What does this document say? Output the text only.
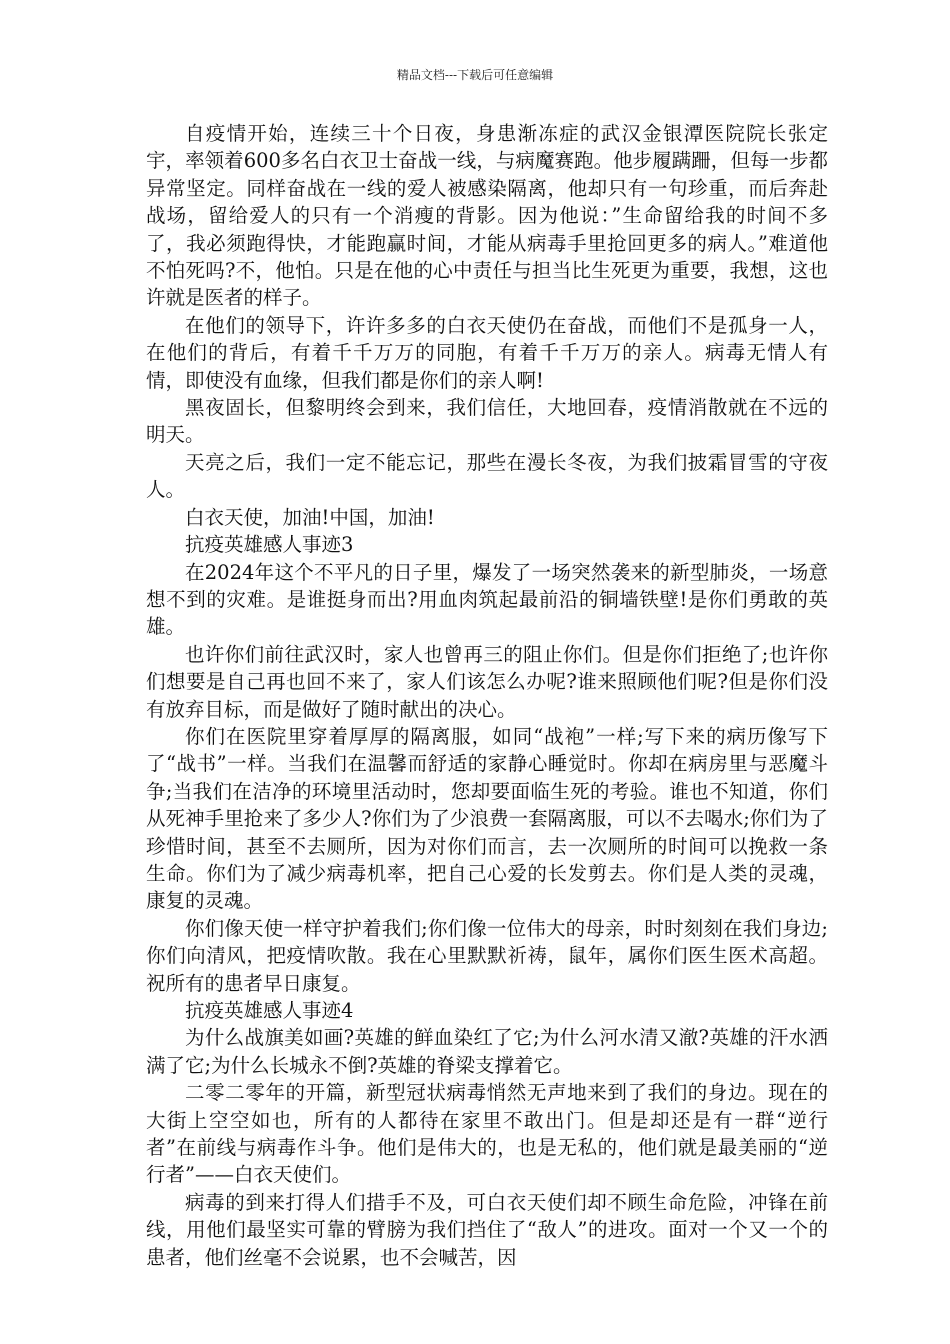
精品文档---下载后可任意编辑

自疫情开始，连续三十个日夜，身患渐冻症的武汉金银潭医院院长张定宇，率领着600多名白衣卫士奋战一线，与病魔赛跑。他步履蹒跚，但每一步都异常坚定。同样奋战在一线的爱人被感染隔离，他却只有一句珍重，而后奔赴战场，留给爱人的只有一个消瘦的背影。因为他说：”生命留给我的时间不多了，我必须跑得快，才能跑赢时间，才能从病毒手里抢回更多的病人。”难道他不怕死吗?不，他怕。只是在他的心中责任与担当比生死更为重要，我想，这也许就是医者的样子。

在他们的领导下，许许多多的白衣天使仍在奋战，而他们不是孤身一人，在他们的背后，有着千千万万的同胞，有着千千万万的亲人。病毒无情人有情，即使没有血缘，但我们都是你们的亲人啊!

黑夜固长，但黎明终会到来，我们信任，大地回春，疫情消散就在不远的明天。

天亮之后，我们一定不能忘记，那些在漫长冬夜，为我们披霜冒雪的守夜人。

白衣天使，加油!中国，加油!

抗疫英雄感人事迹3

在2024年这个不平凡的日子里，爆发了一场突然袭来的新型肺炎，一场意想不到的灾难。是谁挺身而出?用血肉筑起最前沿的铜墙铁壁!是你们勇敢的英雄。

也许你们前往武汉时，家人也曾再三的阻止你们。但是你们拒绝了;也许你们想要是自己再也回不来了，家人们该怎么办呢?谁来照顾他们呢?但是你们没有放弃目标，而是做好了随时献出的决心。

你们在医院里穿着厚厚的隔离服，如同“战袍”一样;写下来的病历像写下了“战书”一样。当我们在温馨而舒适的家静心睡觉时。你却在病房里与恶魔斗争;当我们在洁净的环境里活动时，您却要面临生死的考验。谁也不知道，你们从死神手里抢来了多少人?你们为了少浪费一套隔离服，可以不去喝水;你们为了珍惜时间，甚至不去厕所，因为对你们而言，去一次厕所的时间可以挽救一条生命。你们为了减少病毒机率，把自己心爱的长发剪去。你们是人类的灵魂，康复的灵魂。

你们像天使一样守护着我们;你们像一位伟大的母亲，时时刻刻在我们身边;你们向清风，把疫情吹散。我在心里默默祈祷，鼠年，属你们医生医术高超。祝所有的患者早日康复。

抗疫英雄感人事迹4

为什么战旗美如画?英雄的鲜血染红了它;为什么河水清又澈?英雄的汗水洒满了它;为什么长城永不倒?英雄的脊梁支撑着它。

二零二零年的开篇，新型冠状病毒悄然无声地来到了我们的身边。现在的大街上空空如也，所有的人都待在家里不敢出门。但是却还是有一群“逆行者”在前线与病毒作斗争。他们是伟大的，也是无私的，他们就是最美丽的“逆行者”——白衣天使们。

病毒的到来打得人们措手不及，可白衣天使们却不顾生命危险，冲锋在前线，用他们最坚实可靠的臂膀为我们挡住了“敌人”的进攻。面对一个又一个的患者，他们丝毫不会说累，也不会喊苦，因
